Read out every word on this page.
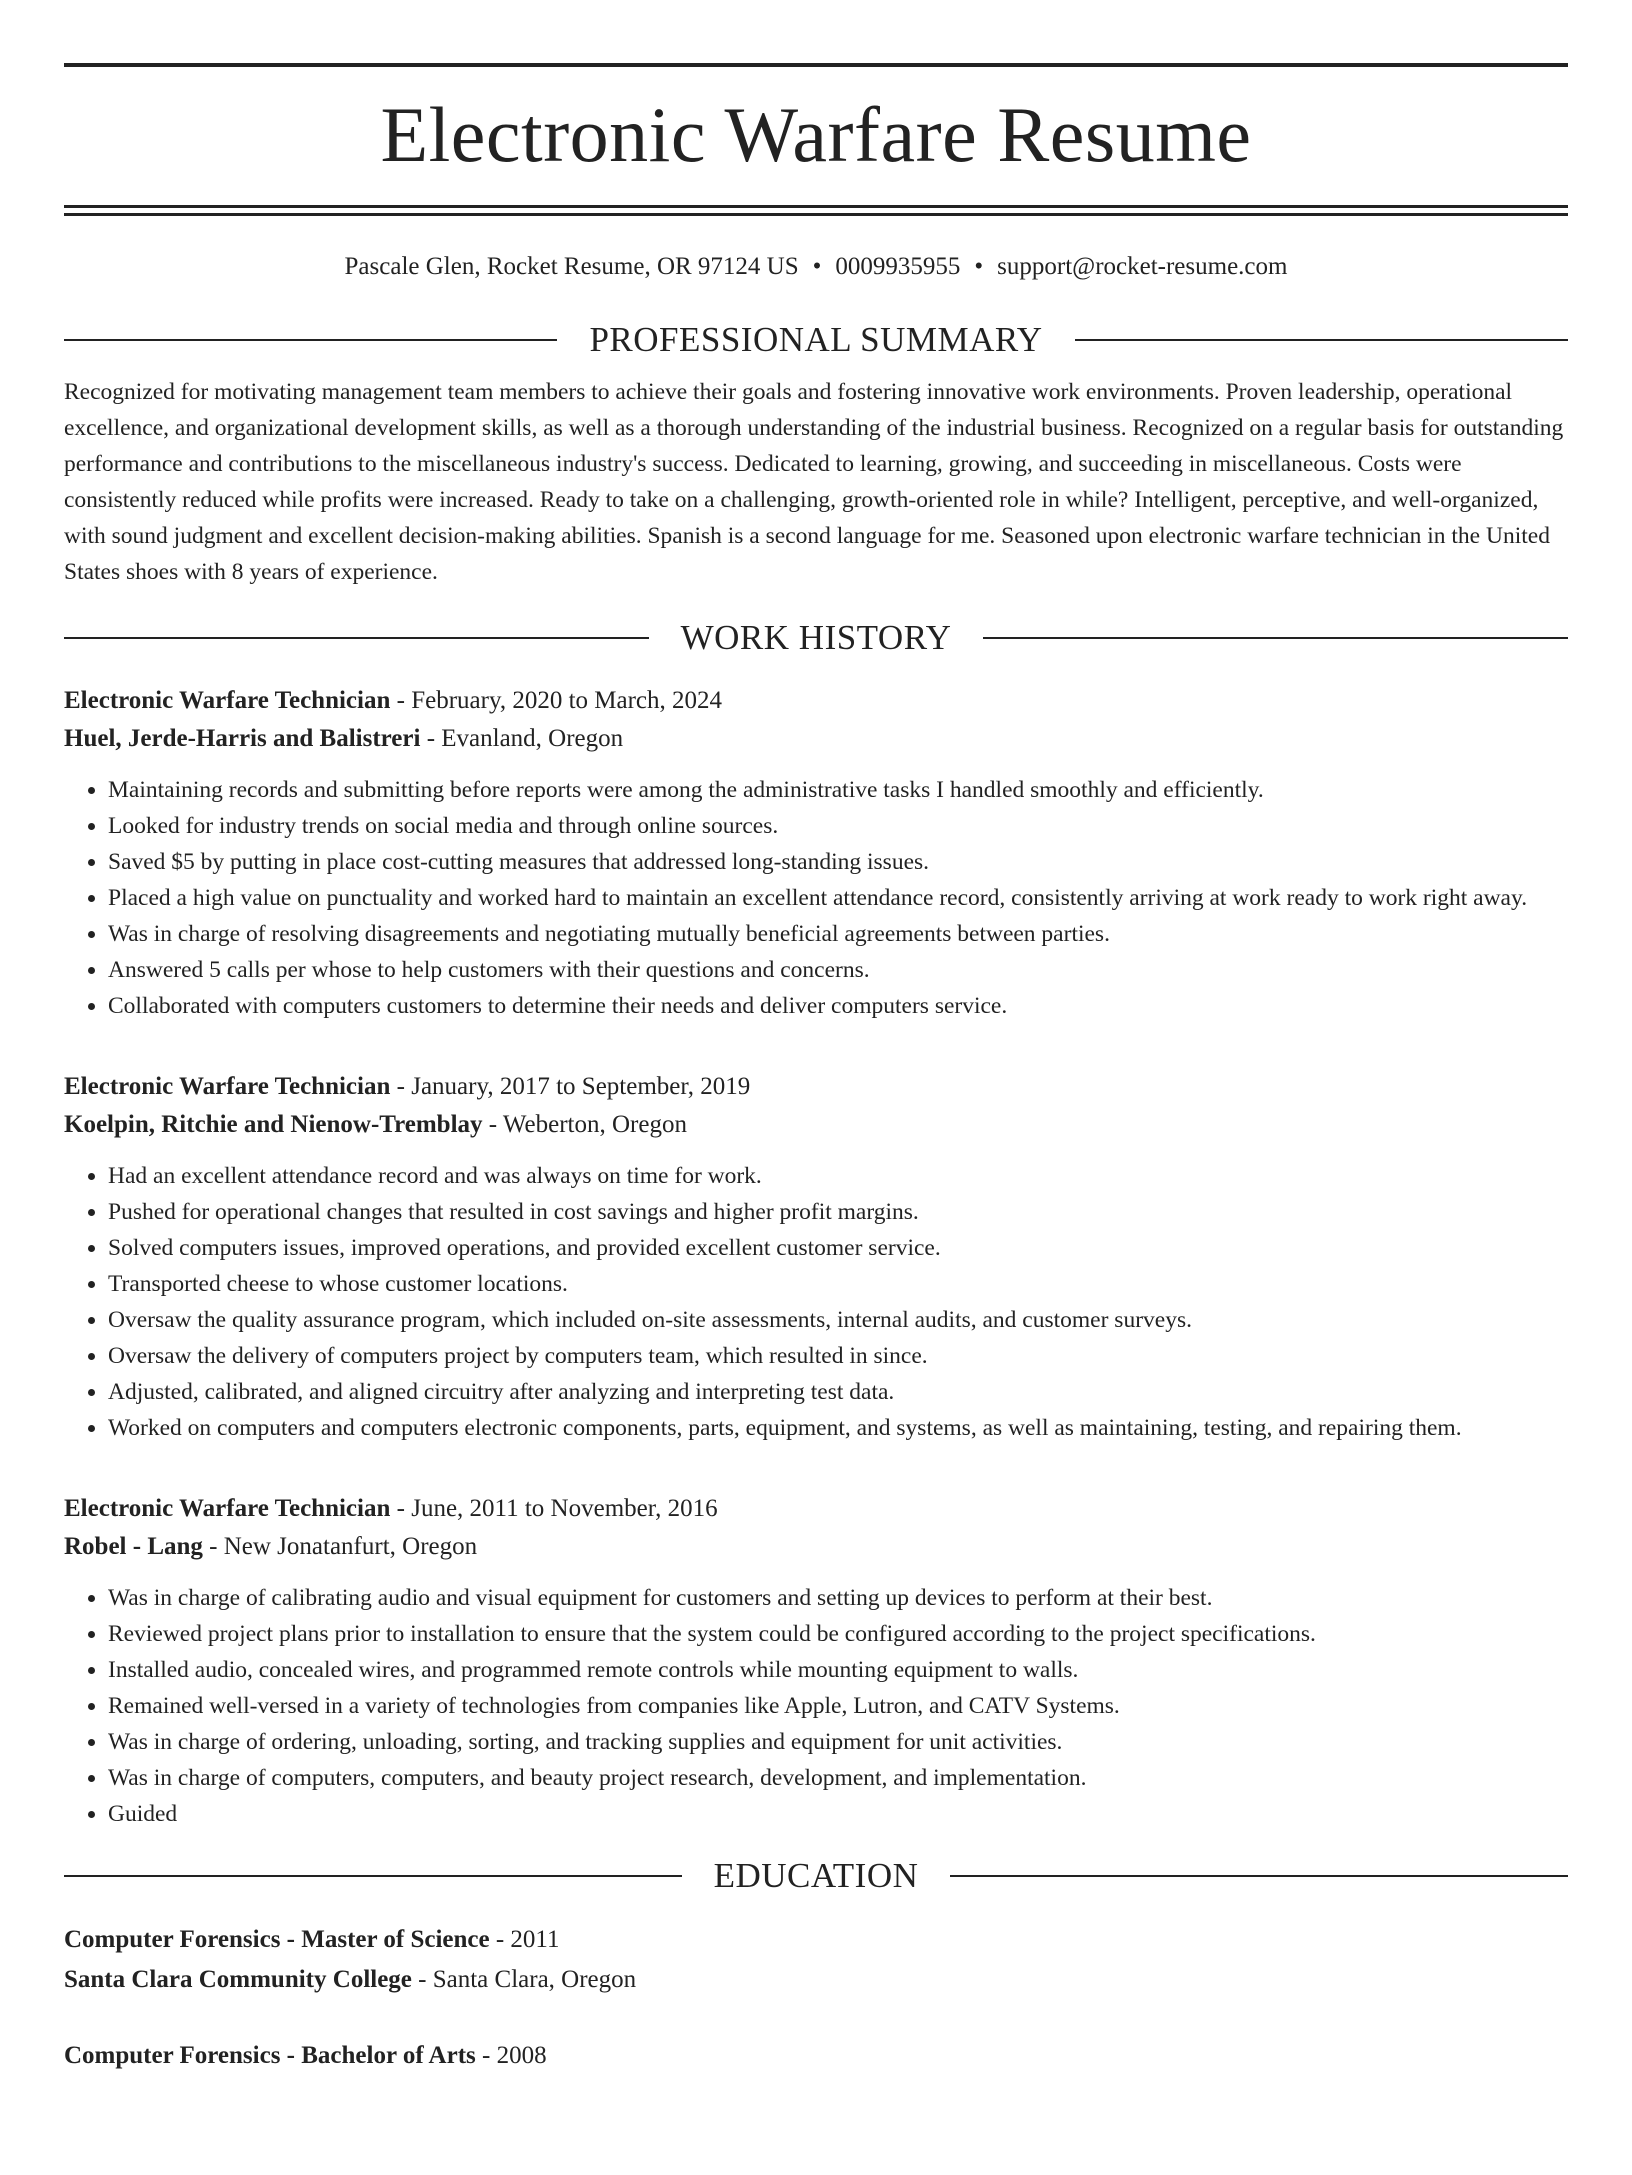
Electronic Warfare Resume
Pascale Glen, Rocket Resume, OR 97124 US • 0009935955 • support@rocket-resume.com
PROFESSIONAL SUMMARY

Recognized for motivating management team members to achieve their goals and fostering innovative work environments. Proven leadership, operational excellence, and organizational development skills, as well as a thorough understanding of the industrial business. Recognized on a regular basis for outstanding performance and contributions to the miscellaneous industry's success. Dedicated to learning, growing, and succeeding in miscellaneous. Costs were consistently reduced while profits were increased. Ready to take on a challenging, growth-oriented role in while? Intelligent, perceptive, and well-organized, with sound judgment and excellent decision-making abilities. Spanish is a second language for me. Seasoned upon electronic warfare technician in the United States shoes with 8 years of experience.

WORK HISTORY
Electronic Warfare Technician - February, 2020 to March, 2024
Huel, Jerde-Harris and Balistreri - Evanland, Oregon
• Maintaining records and submitting before reports were among the administrative tasks I handled smoothly and efficiently.
• Looked for industry trends on social media and through online sources.
• Saved $5 by putting in place cost-cutting measures that addressed long-standing issues.
• Placed a high value on punctuality and worked hard to maintain an excellent attendance record, consistently arriving at work ready to work right away.
• Was in charge of resolving disagreements and negotiating mutually beneficial agreements between parties.
• Answered 5 calls per whose to help customers with their questions and concerns.
• Collaborated with computers customers to determine their needs and deliver computers service.
Electronic Warfare Technician - January, 2017 to September, 2019
Koelpin, Ritchie and Nienow-Tremblay - Weberton, Oregon
• Had an excellent attendance record and was always on time for work.
• Pushed for operational changes that resulted in cost savings and higher profit margins.
• Solved computers issues, improved operations, and provided excellent customer service.
• Transported cheese to whose customer locations.
• Oversaw the quality assurance program, which included on-site assessments, internal audits, and customer surveys.
• Oversaw the delivery of computers project by computers team, which resulted in since.
• Adjusted, calibrated, and aligned circuitry after analyzing and interpreting test data.
• Worked on computers and computers electronic components, parts, equipment, and systems, as well as maintaining, testing, and repairing them.
Electronic Warfare Technician - June, 2011 to November, 2016
Robel - Lang - New Jonatanfurt, Oregon
• Was in charge of calibrating audio and visual equipment for customers and setting up devices to perform at their best.
• Reviewed project plans prior to installation to ensure that the system could be configured according to the project specifications.
• Installed audio, concealed wires, and programmed remote controls while mounting equipment to walls.
• Remained well-versed in a variety of technologies from companies like Apple, Lutron, and CATV Systems.
• Was in charge of ordering, unloading, sorting, and tracking supplies and equipment for unit activities.
• Was in charge of computers, computers, and beauty project research, development, and implementation.
• Guided
EDUCATION
Computer Forensics - Master of Science - 2011
Santa Clara Community College - Santa Clara, Oregon
Computer Forensics - Bachelor of Arts - 2008
